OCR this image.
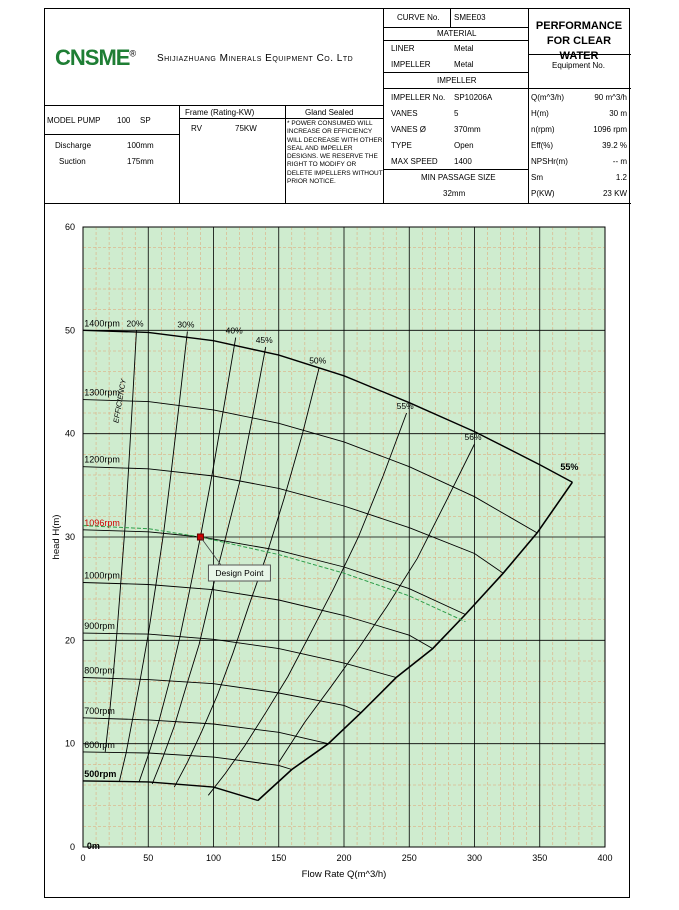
CNSME® Shijiazhuang Minerals Equipment Co. Ltd
MODEL PUMP 100 SP
Discharge	100mm
Suction	175mm
Frame (Rating-KW)
RV	75KW
Gland Sealed
* POWER CONSUMED WILL INCREASE OR EFFICIENCY WILL DECREASE WITH OTHER SEAL AND IMPELLER DESIGNS. WE RESERVE THE RIGHT TO MODIFY OR DELETE IMPELLERS WITHOUT PRIOR NOTICE.
CURVE No. SMEE03
MATERIAL
LINER	Metal
IMPELLER	Metal
IMPELLER
IMPELLER No. SP10206A
VANES	5
VANES Ø	370mm
TYPE	Open
MAX SPEED 1400
MIN PASSAGE SIZE
32mm
PERFORMANCE
FOR CLEAR WATER
Equipment No.
Q(m^3/h)	90 m^3/h
H(m)	30 m
n(rpm)	1096 rpm
Eff(%)	39.2 %
NPSHr(m)	-- m
Sm	1.2
P(KW)	23 KW
0	50	100	150	200	250	300	350	400
0
10
20
30
40
50
60
20%	30%
40%
45%
50%
55%
56%
1400rpm
1300rpm
1200rpm
1096rpm
1000rpm
900rpm
800rpm
700rpm
600rpm
500rpm
0m
Design Point
EFFICIENCY
55%
Flow Rate Q(m^3/h)
head H(m)
